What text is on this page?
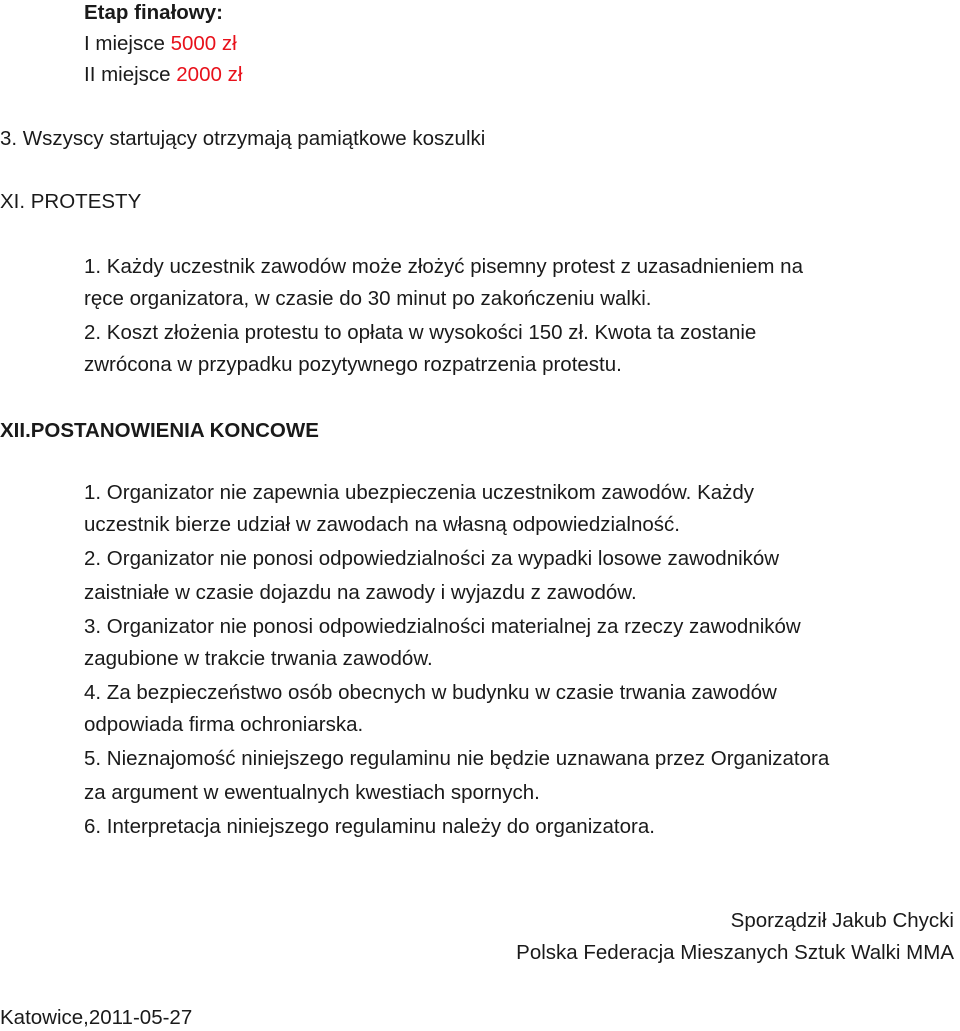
Etap finałowy:
I miejsce 5000 zł
II miejsce 2000 zł
3. Wszyscy startujący otrzymają pamiątkowe koszulki
XI. PROTESTY
1. Każdy uczestnik zawodów może złożyć pisemny protest z uzasadnieniem na
ręce organizatora, w czasie do 30 minut po zakończeniu walki.
2. Koszt złożenia protestu to opłata w wysokości 150 zł. Kwota ta zostanie
zwrócona w przypadku pozytywnego rozpatrzenia protestu.
XII.POSTANOWIENIA KONCOWE
1. Organizator nie zapewnia ubezpieczenia uczestnikom zawodów. Każdy
uczestnik bierze udział w zawodach na własną odpowiedzialność.
2. Organizator nie ponosi odpowiedzialności za wypadki losowe zawodników
zaistniałe w czasie dojazdu na zawody i wyjazdu z zawodów.
3. Organizator nie ponosi odpowiedzialności materialnej za rzeczy zawodników
zagubione w trakcie trwania zawodów.
4. Za bezpieczeństwo osób obecnych w budynku w czasie trwania zawodów
odpowiada firma ochroniarska.
5. Nieznajomość niniejszego regulaminu nie będzie uznawana przez Organizatora
za argument w ewentualnych kwestiach spornych.
6. Interpretacja niniejszego regulaminu należy do organizatora.
Sporządził Jakub Chycki
Polska Federacja Mieszanych Sztuk Walki MMA
Katowice,2011-05-27
